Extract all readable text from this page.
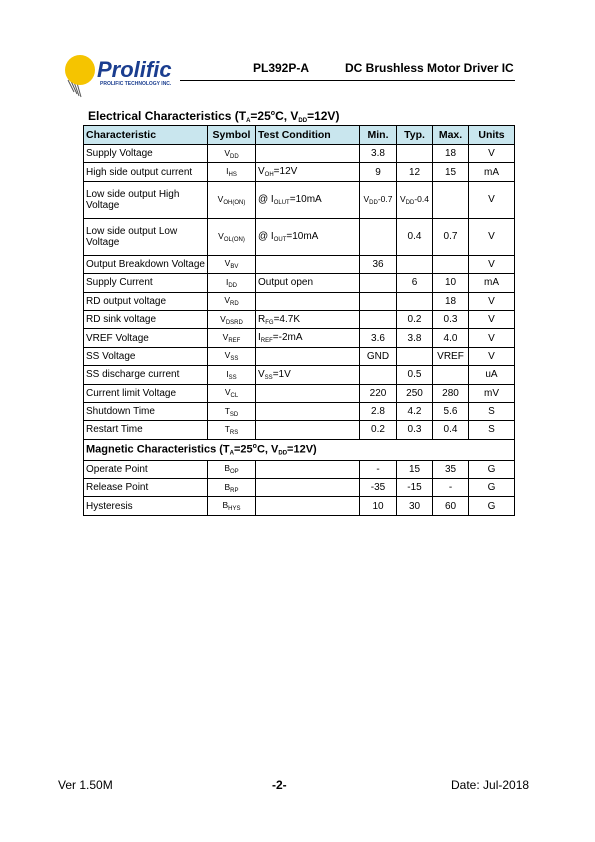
Prolific
PROLIFIC TECHNOLOGY INC.
PL392P-A	DC Brushless Motor Driver IC
Electrical Characteristics ($T_A=25^oC$, $V_{DD}=12V$)
Characteristic	Symbol	Test Condition	Min.	Typ.	Max.	Units
Supply Voltage	$V_{DD}$		3.8		18	V
High side output current	$I_{HS}$	$V_{OH}=12V$	9	12	15	mA
Low side output High Voltage	$V_{OH(ON)}$	@ $I_{OLUT}=10mA$	$V_{DD}-0.7$	$V_{DD}-0.4$		V
Low side output Low Voltage	$V_{OL(ON)}$	@ $I_{OUT}=10mA$		0.4	0.7	V
Output Breakdown Voltage	$V_{BV}$		36			V
Supply Current	$I_{DD}$	Output open		6	10	mA
RD output voltage	$V_{RD}$				18	V
RD sink voltage	$V_{DSRD}$	$R_{FG}=4.7K$		0.2	0.3	V
VREF Voltage	$V_{REF}$	$I_{REF}=-2mA$	3.6	3.8	4.0	V
SS Voltage	$V_{SS}$		GND		VREF	V
SS discharge current	$I_{SS}$	$V_{SS}=1V$		0.5		uA
Current limit Voltage	$V_{CL}$		220	250	280	mV
Shutdown Time	$T_{SD}$		2.8	4.2	5.6	S
Restart Time	$T_{RS}$		0.2	0.3	0.4	S
Magnetic Characteristics ($T_A=25^oC$, $V_{DD}=12V$)						
Operate Point	$B_{OP}$		-	15	35	G
Release Point	$B_{RP}$		-35	-15	-	G
Hysteresis	$B_{HYS}$		10	30	60	G
Ver 1.50M	-2-	Date: Jul-2018
